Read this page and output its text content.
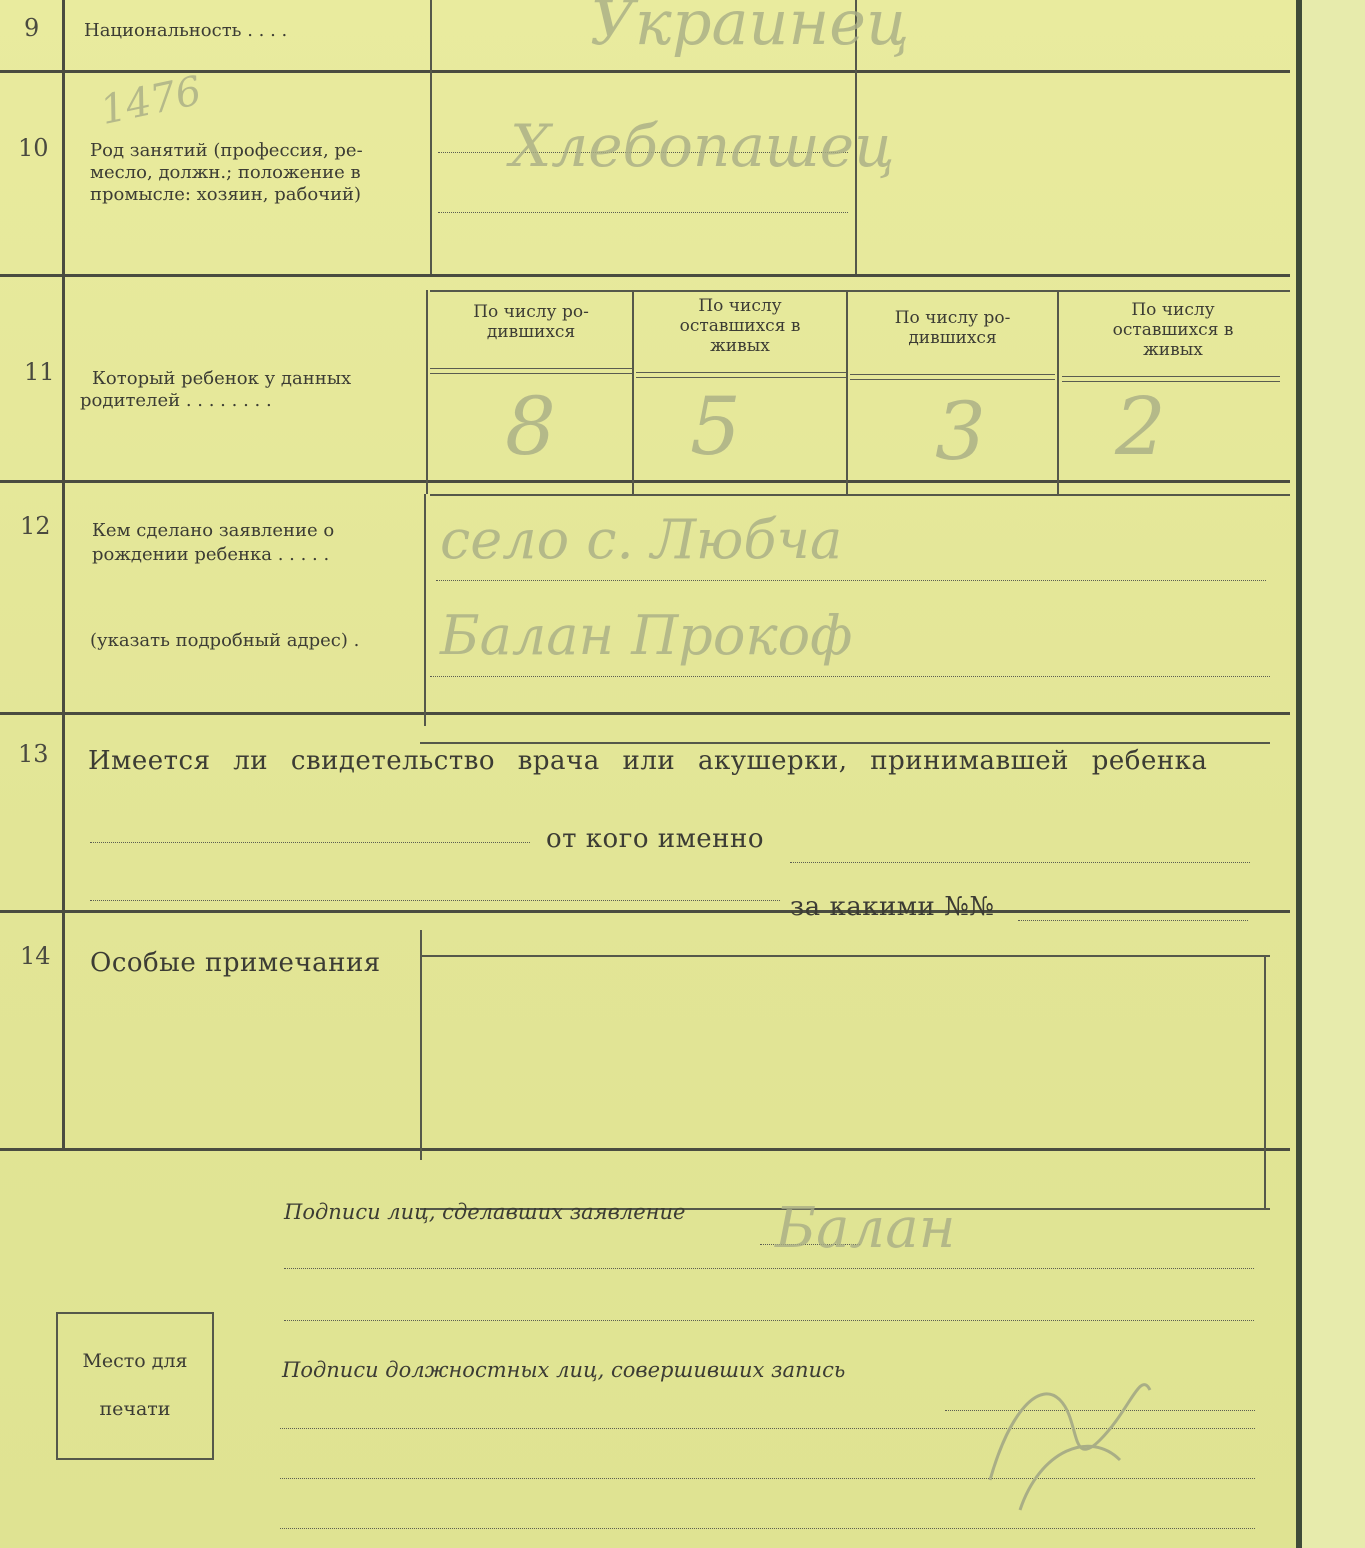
9 Национальность . . . .	Украинец
10 Род занятий (профессия, ре-
месло, должн.; положение в
промысле: хозяин, рабочий)
1476
Хлебопашец
11 Который ребенок у данных
родителей . . . . . . . .
По числу ро-
дившихся
По числу
оставшихся в
живых
По числу ро-
дившихся
По числу
оставшихся в
живых
8 5 3 2
12 Кем сделано заявление о
рождении ребенка . . . . .
(указать подробный адрес) .
село с. Любча
Балан Прокоф
13 Имеется ли свидетельство врача или акушерки, принимавшей ребенка
от кого именно
за какими №№
14 Особые примечания
Подписи лиц, сделавших заявление Балан
Подписи должностных лиц, совершивших запись
Место для
печати
